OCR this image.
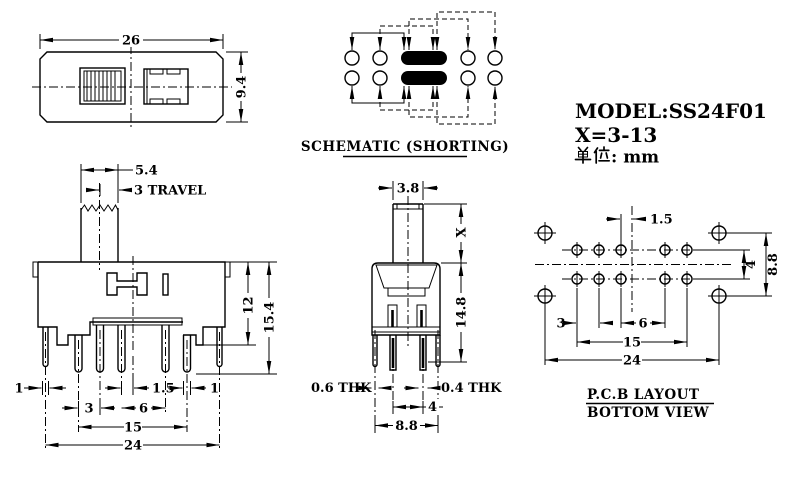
26
9.4
SCHEMATIC (SHORTING)
MODEL:SS24F01
X=3-13
: mm
5.4
3 TRAVEL
12 15.4
1	1.5	1
3	6
15
24
3.8
X
14.8
0.6 THK	0.4 THK
4
8.8
1.5
3	6
15
24
4 8.8
P.C.B LAYOUT
BOTTOM VIEW
